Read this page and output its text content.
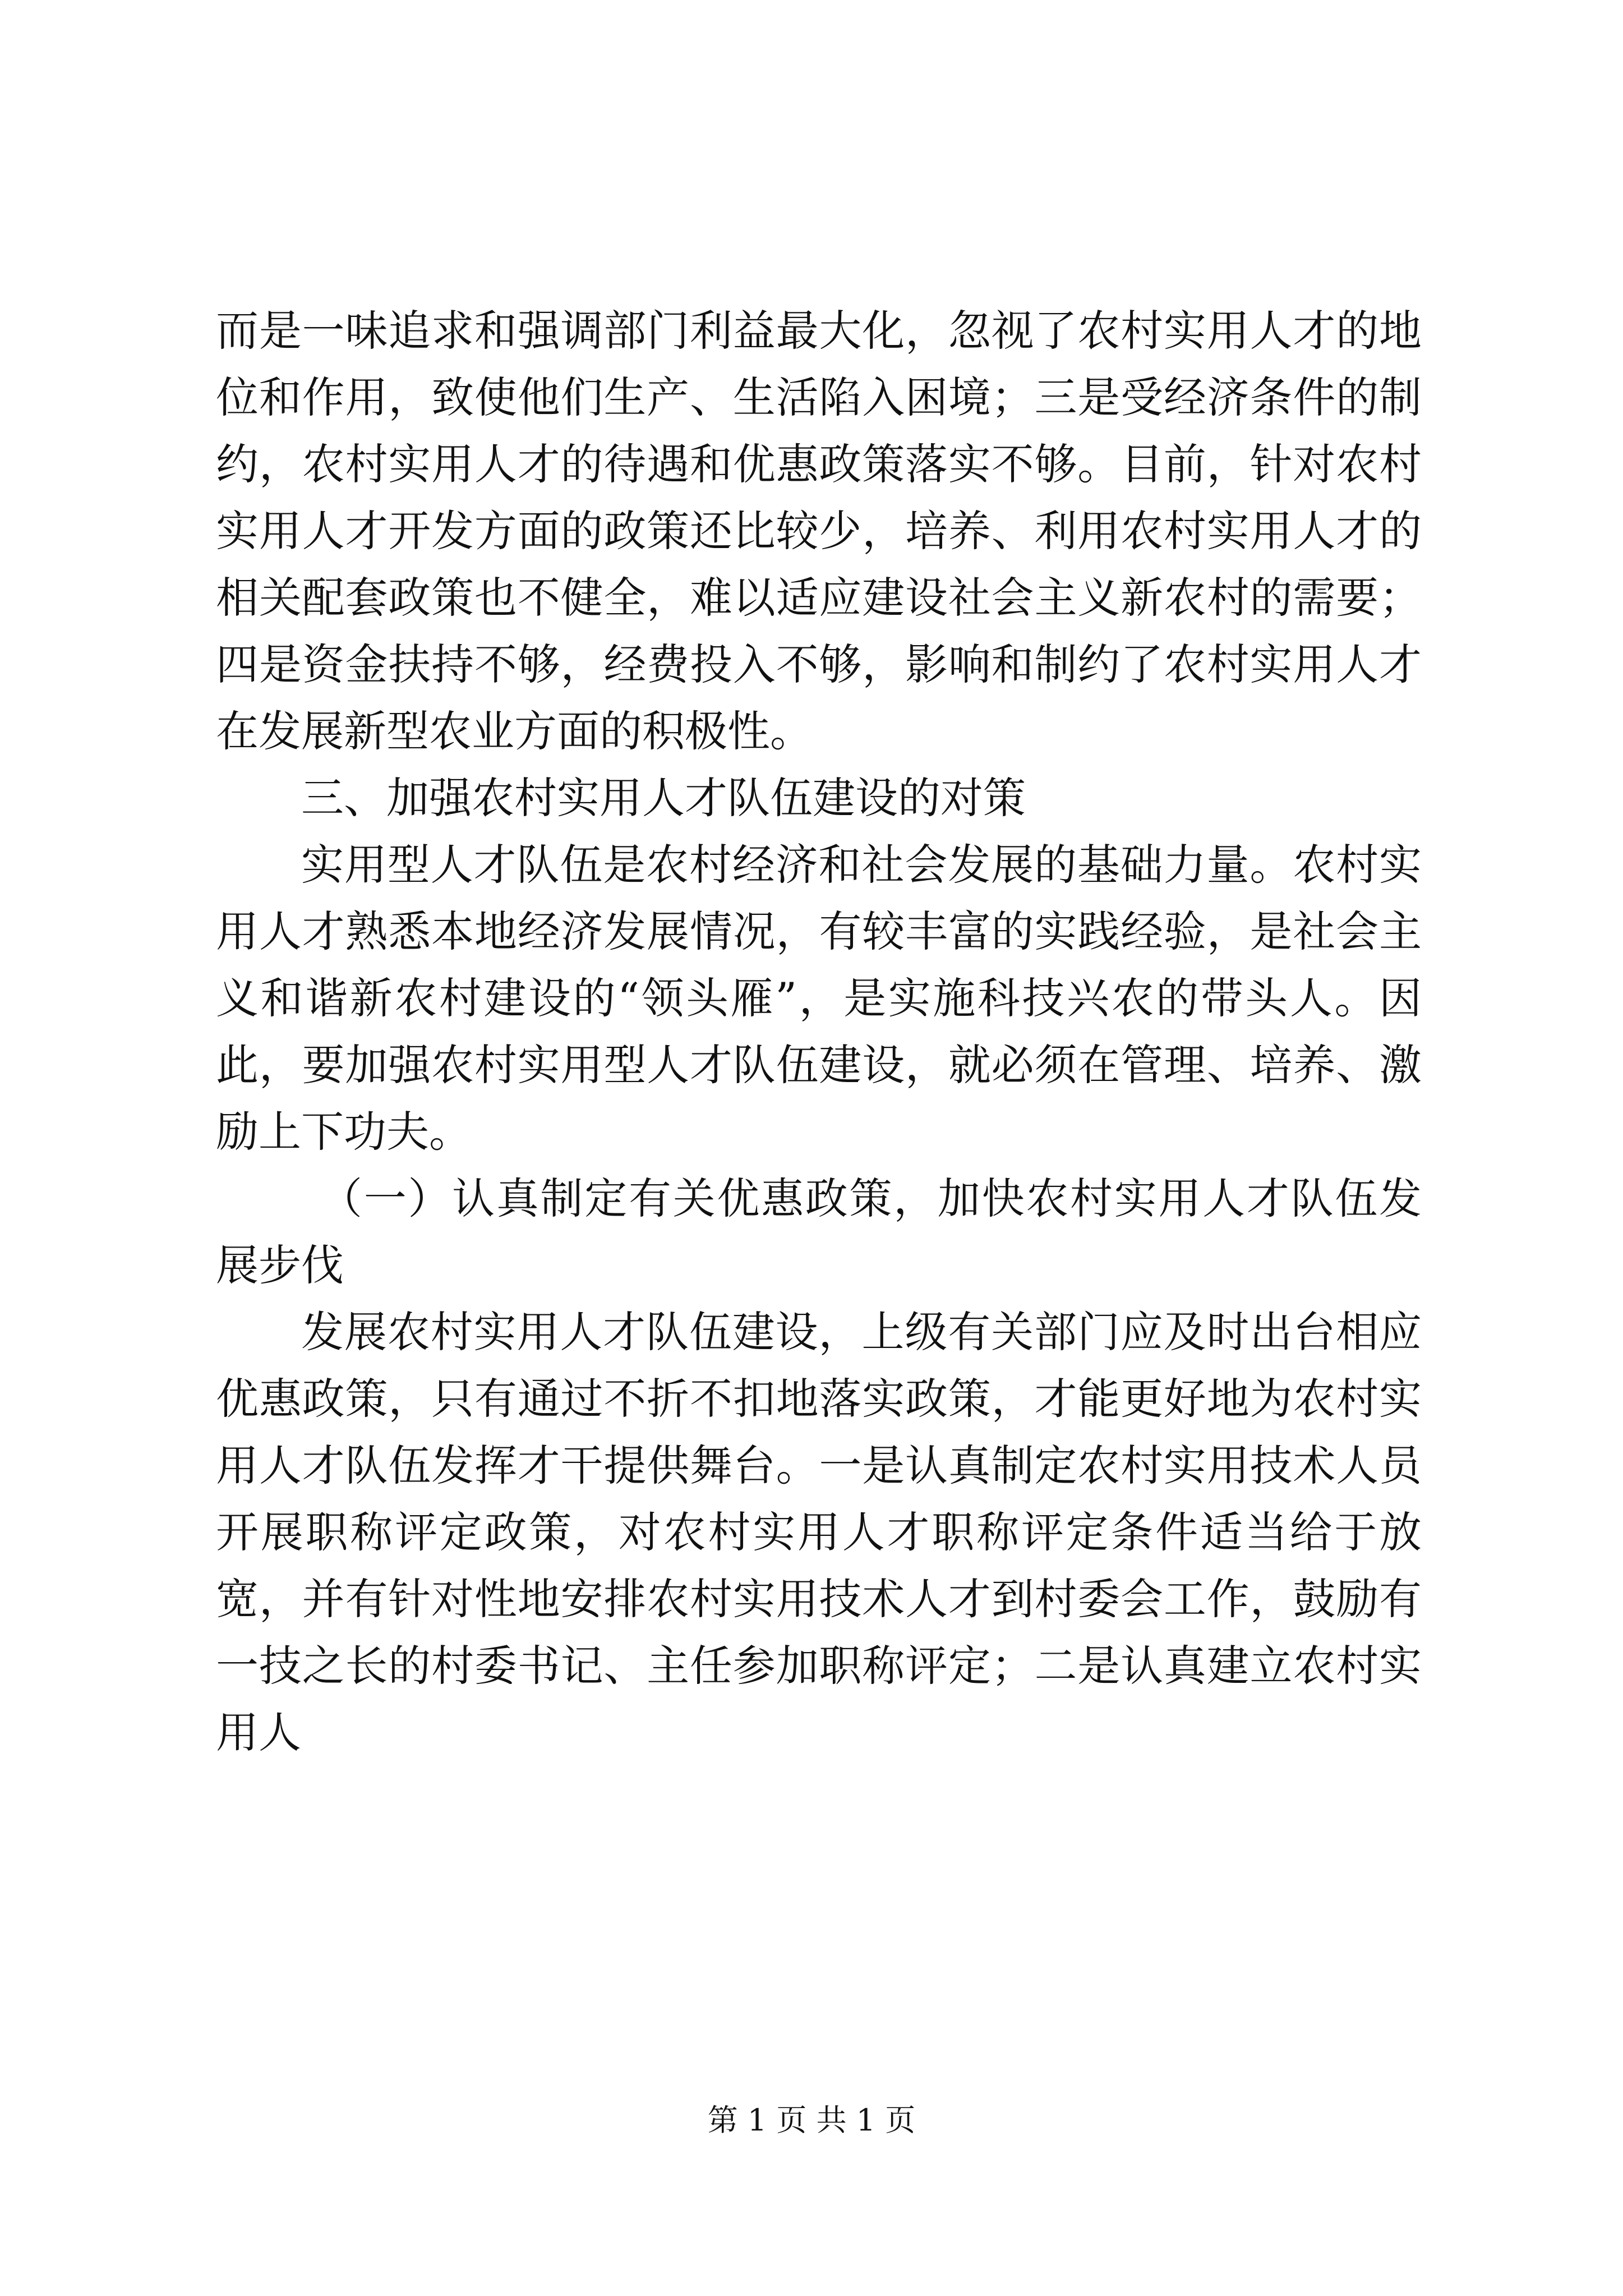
而是一味追求和强调部门利益最大化，忽视了农村实用人才的地位和作用，致使他们生产、生活陷入困境；三是受经济条件的制约，农村实用人才的待遇和优惠政策落实不够。目前，针对农村实用人才开发方面的政策还比较少，培养、利用农村实用人才的相关配套政策也不健全，难以适应建设社会主义新农村的需要；四是资金扶持不够，经费投入不够，影响和制约了农村实用人才在发展新型农业方面的积极性。

三、加强农村实用人才队伍建设的对策

实用型人才队伍是农村经济和社会发展的基础力量。农村实用人才熟悉本地经济发展情况，有较丰富的实践经验，是社会主义和谐新农村建设的“领头雁”，是实施科技兴农的带头人。因此，要加强农村实用型人才队伍建设，就必须在管理、培养、激励上下功夫。

（一）认真制定有关优惠政策，加快农村实用人才队伍发展步伐

发展农村实用人才队伍建设，上级有关部门应及时出台相应优惠政策，只有通过不折不扣地落实政策，才能更好地为农村实用人才队伍发挥才干提供舞台。一是认真制定农村实用技术人员开展职称评定政策，对农村实用人才职称评定条件适当给于放宽，并有针对性地安排农村实用技术人才到村委会工作，鼓励有一技之长的村委书记、主任参加职称评定；二是认真建立农村实用人

第 1 页 共 1 页
